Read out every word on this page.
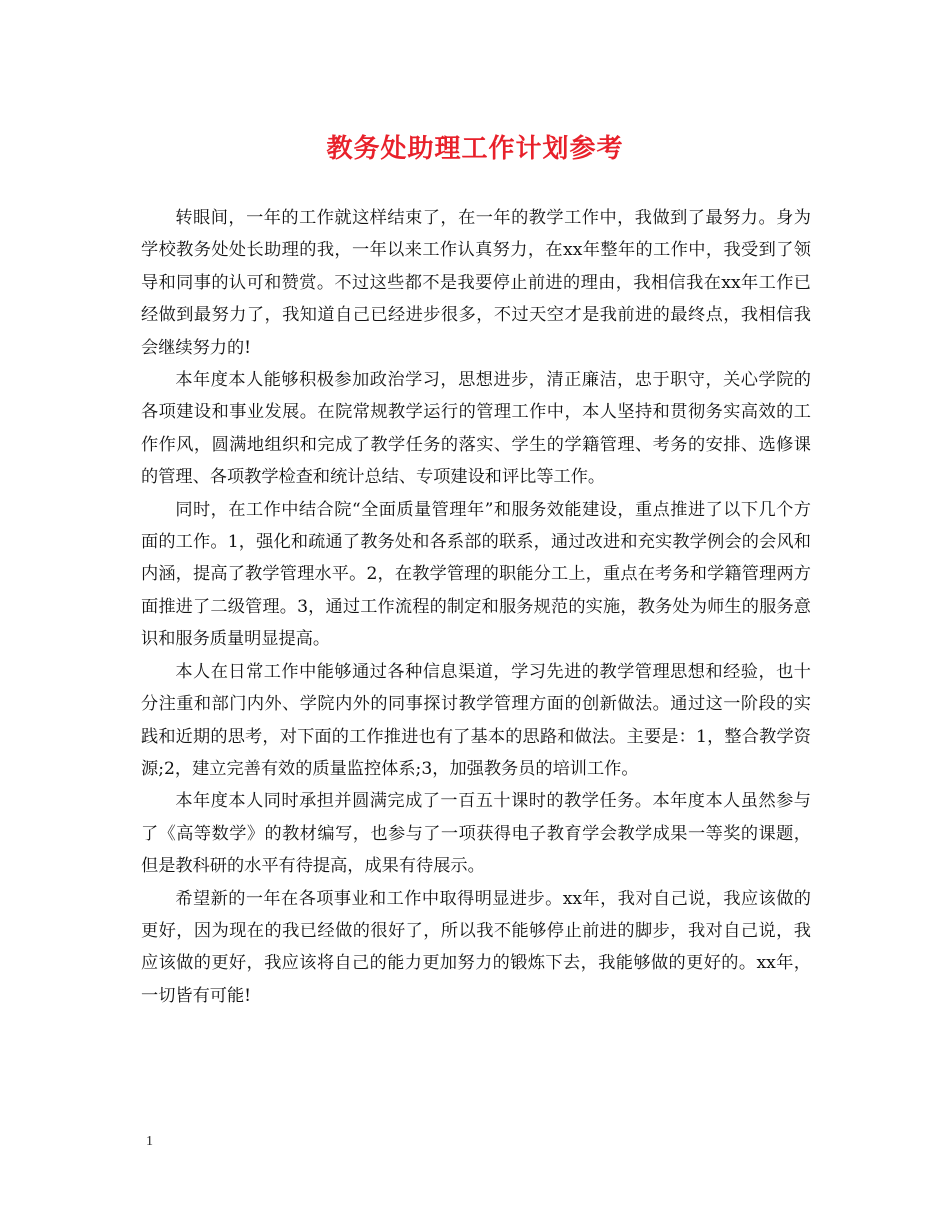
教务处助理工作计划参考

转眼间，一年的工作就这样结束了，在一年的教学工作中，我做到了最努力。身为学校教务处处长助理的我，一年以来工作认真努力，在xx年整年的工作中，我受到了领导和同事的认可和赞赏。不过这些都不是我要停止前进的理由，我相信我在xx年工作已经做到最努力了，我知道自己已经进步很多，不过天空才是我前进的最终点，我相信我会继续努力的!

本年度本人能够积极参加政治学习，思想进步，清正廉洁，忠于职守，关心学院的各项建设和事业发展。在院常规教学运行的管理工作中，本人坚持和贯彻务实高效的工作作风，圆满地组织和完成了教学任务的落实、学生的学籍管理、考务的安排、选修课的管理、各项教学检查和统计总结、专项建设和评比等工作。

同时，在工作中结合院“全面质量管理年”和服务效能建设，重点推进了以下几个方面的工作。1，强化和疏通了教务处和各系部的联系，通过改进和充实教学例会的会风和内涵，提高了教学管理水平。2，在教学管理的职能分工上，重点在考务和学籍管理两方面推进了二级管理。3，通过工作流程的制定和服务规范的实施，教务处为师生的服务意识和服务质量明显提高。

本人在日常工作中能够通过各种信息渠道，学习先进的教学管理思想和经验，也十分注重和部门内外、学院内外的同事探讨教学管理方面的创新做法。通过这一阶段的实践和近期的思考，对下面的工作推进也有了基本的思路和做法。主要是：1，整合教学资源;2，建立完善有效的质量监控体系;3，加强教务员的培训工作。

本年度本人同时承担并圆满完成了一百五十课时的教学任务。本年度本人虽然参与了《高等数学》的教材编写，也参与了一项获得电子教育学会教学成果一等奖的课题，但是教科研的水平有待提高，成果有待展示。

希望新的一年在各项事业和工作中取得明显进步。xx年，我对自己说，我应该做的更好，因为现在的我已经做的很好了，所以我不能够停止前进的脚步，我对自己说，我应该做的更好，我应该将自己的能力更加努力的锻炼下去，我能够做的更好的。xx年，一切皆有可能!

1
